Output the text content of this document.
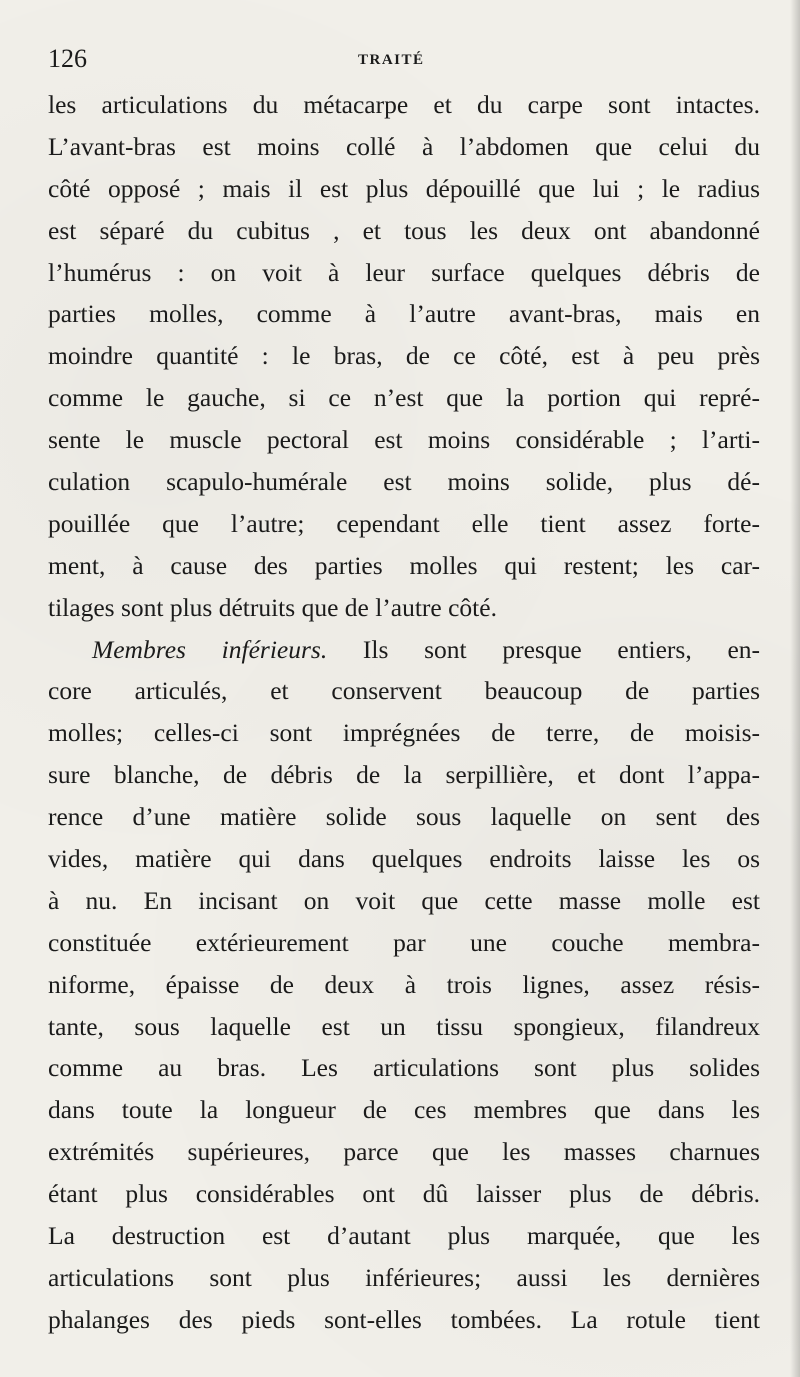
126	TRAITÉ
les articulations du métacarpe et du carpe sont intactes.
L’avant-bras est moins collé à l’abdomen que celui du
côté opposé ; mais il est plus dépouillé que lui ; le radius
est séparé du cubitus , et tous les deux ont abandonné
l’humérus : on voit à leur surface quelques débris de
parties molles, comme à l’autre avant-bras, mais en
moindre quantité : le bras, de ce côté, est à peu près
comme le gauche, si ce n’est que la portion qui repré-
sente le muscle pectoral est moins considérable ; l’arti-
culation scapulo-humérale est moins solide, plus dé-
pouillée que l’autre; cependant elle tient assez forte-
ment, à cause des parties molles qui restent; les car-
tilages sont plus détruits que de l’autre côté.
Membres inférieurs. Ils sont presque entiers, en-
core articulés, et conservent beaucoup de parties
molles; celles-ci sont imprégnées de terre, de moisis-
sure blanche, de débris de la serpillière, et dont l’appa-
rence d’une matière solide sous laquelle on sent des
vides, matière qui dans quelques endroits laisse les os
à nu. En incisant on voit que cette masse molle est
constituée extérieurement par une couche membra-
niforme, épaisse de deux à trois lignes, assez résis-
tante, sous laquelle est un tissu spongieux, filandreux
comme au bras. Les articulations sont plus solides
dans toute la longueur de ces membres que dans les
extrémités supérieures, parce que les masses charnues
étant plus considérables ont dû laisser plus de débris.
La destruction est d’autant plus marquée, que les
articulations sont plus inférieures; aussi les dernières
phalanges des pieds sont-elles tombées. La rotule tient
